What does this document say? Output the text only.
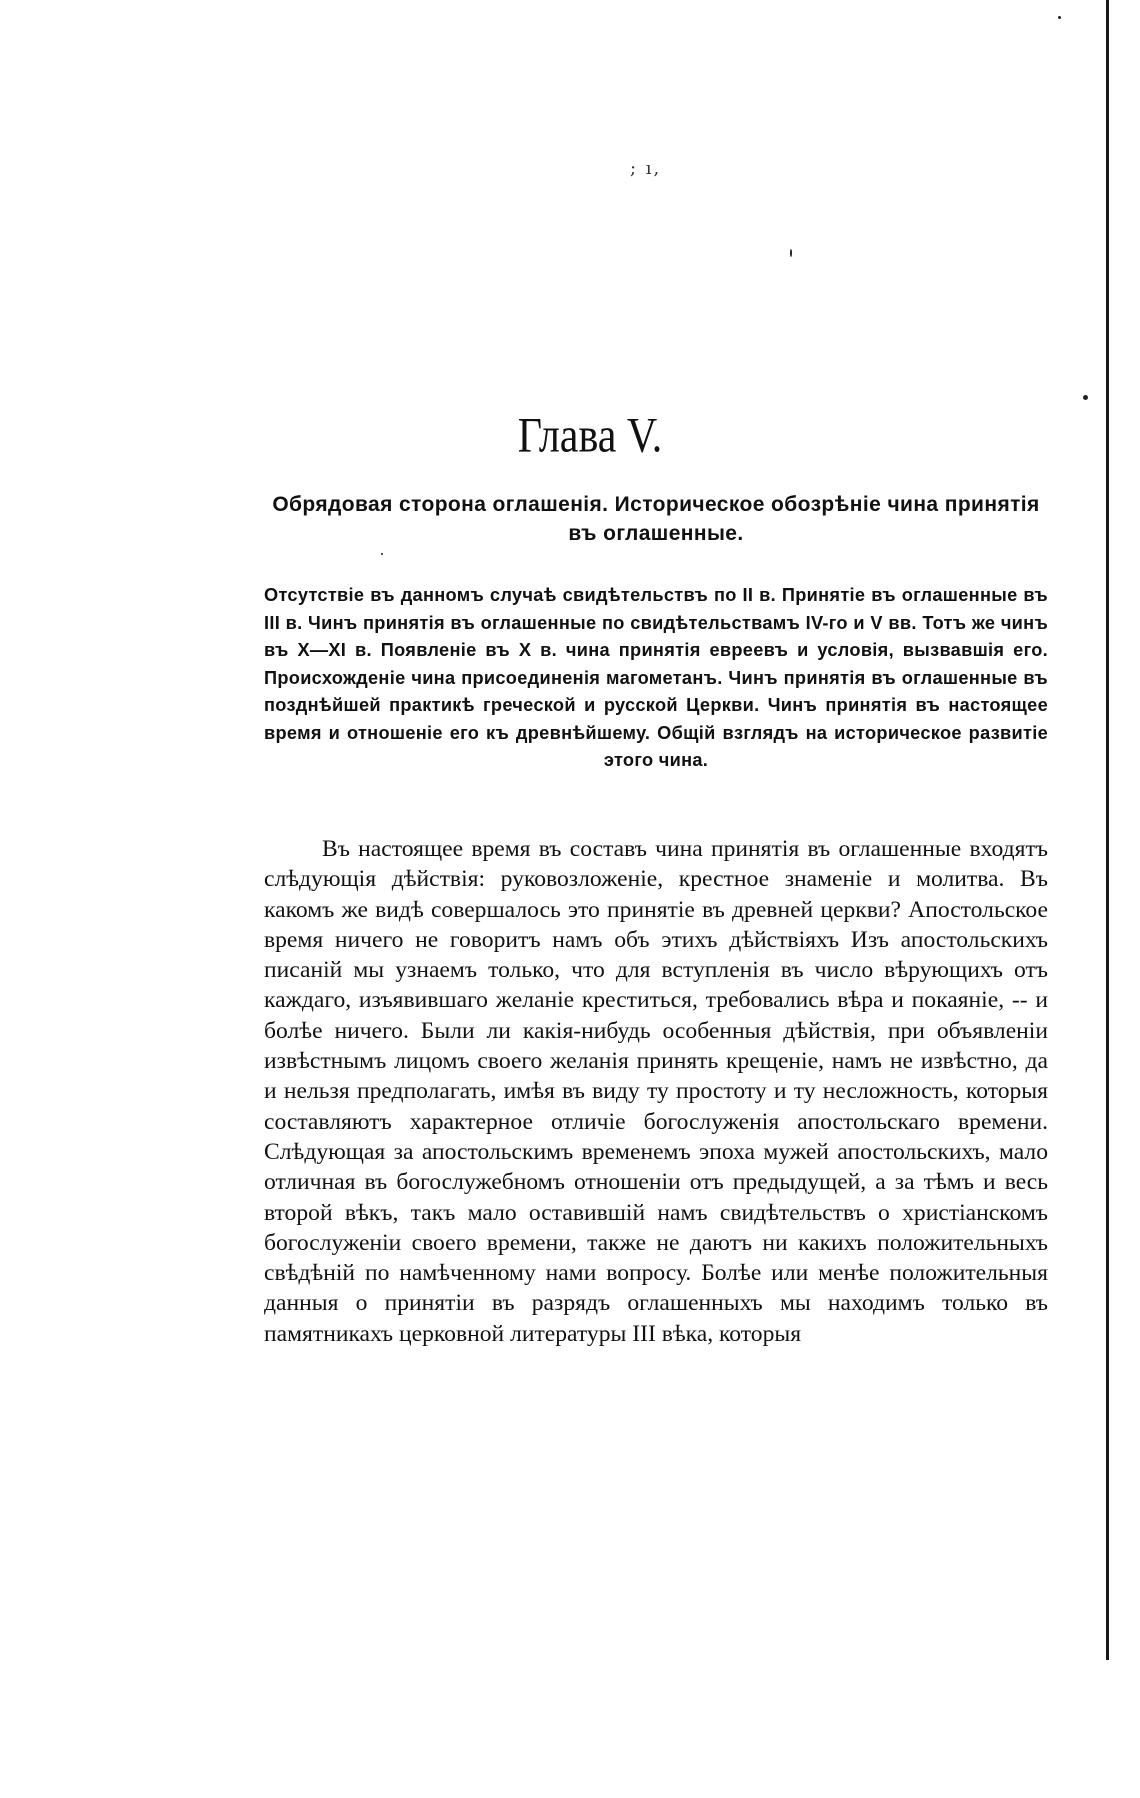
; ı,
Глава V.

Обрядовая сторона оглашенія. Историческое обозрѣніе чина принятія въ оглашенные.

Отсутствіе въ данномъ случаѣ свидѣтельствъ по II в. Принятіе въ оглашенные въ III в. Чинъ принятія въ оглашенные по свидѣтельствамъ IV-го и V вв. Тотъ же чинъ въ X—XI в. Появленіе въ X в. чина принятія евреевъ и условія, вызвавшія его. Происхожденіе чина присоединенія магометанъ. Чинъ принятія въ оглашенные въ позднѣйшей практикѣ греческой и русской Церкви. Чинъ принятія въ настоящее время и отношеніе его къ древнѣйшему. Общій взглядъ на историческое развитіе этого чина.

Въ настоящее время въ составъ чина принятія въ оглашенные входятъ слѣдующія дѣйствія: руковозложеніе, крестное знаменіе и молитва. Въ какомъ же видѣ совершалось это принятіе въ древней церкви? Апостольское время ничего не говоритъ намъ объ этихъ дѣйствіяхъ Изъ апостольскихъ писаній мы узнаемъ только, что для вступленія въ число вѣрующихъ отъ каждаго, изъявившаго желаніе креститься, требовались вѣра и покаяніе, -- и болѣе ничего. Были ли какія-нибудь особенныя дѣйствія, при объявленіи извѣстнымъ лицомъ своего желанія принять крещеніе, намъ не извѣстно, да и нельзя предполагать, имѣя въ виду ту простоту и ту несложность, которыя составляютъ характерное отличіе богослуженія апостольскаго времени. Слѣдующая за апостольскимъ временемъ эпоха мужей апостольскихъ, мало отличная въ богослужебномъ отношеніи отъ предыдущей, а за тѣмъ и весь второй вѣкъ, такъ мало оставившій намъ свидѣтельствъ о христіанскомъ богослуженіи своего времени, также не даютъ ни какихъ положительныхъ свѣдѣній по намѣченному нами вопросу. Болѣе или менѣе положительныя данныя о принятіи въ разрядъ оглашенныхъ мы находимъ только въ памятникахъ церковной литературы III вѣка, которыя
